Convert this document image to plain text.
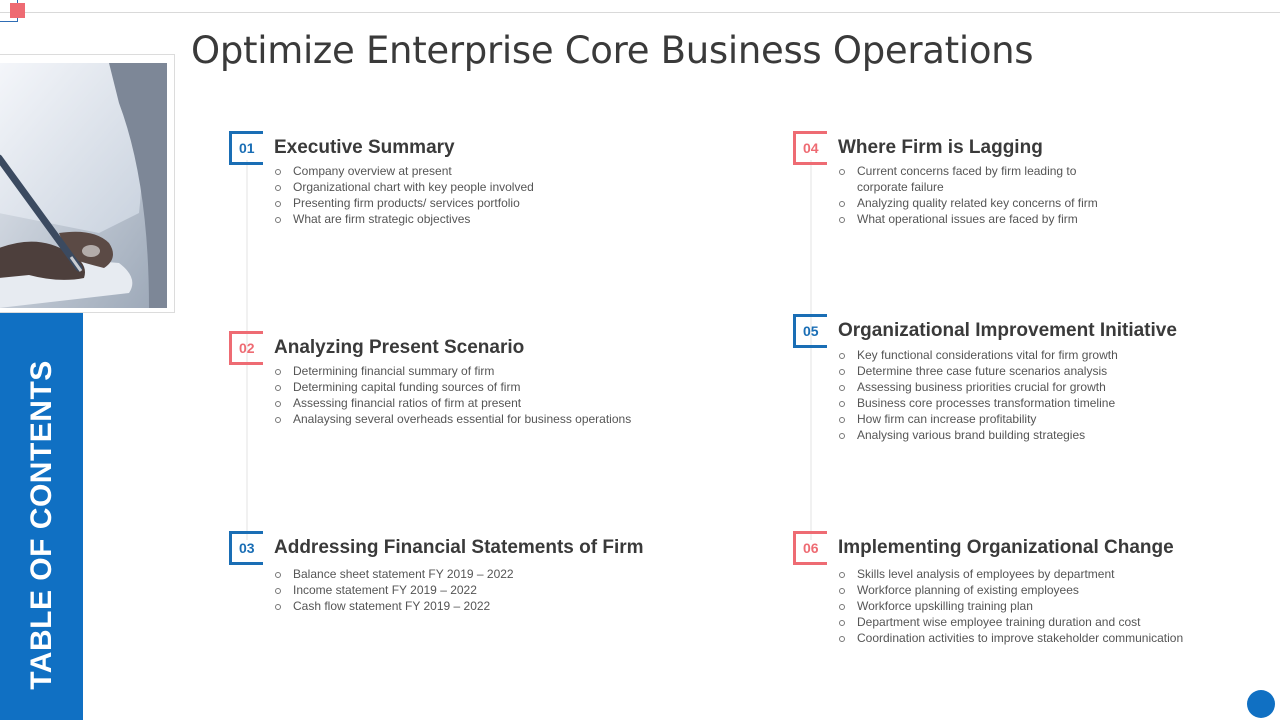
TABLE OF CONTENTS
Optimize Enterprise Core Business Operations
01	Executive Summary
Company overview at present
Organizational chart with key people involved
Presenting firm products/ services portfolio
What are firm strategic objectives
02	Analyzing Present Scenario
Determining financial summary of firm
Determining capital funding sources of firm
Assessing financial ratios of firm at present
Analaysing several overheads essential for business operations
03	Addressing Financial Statements of Firm
Balance sheet statement FY 2019 – 2022
Income statement FY 2019 – 2022
Cash flow statement FY 2019 – 2022
04	Where Firm is Lagging
Current concerns faced by firm leading to
corporate failure
Analyzing quality related key concerns of firm
What operational issues are faced by firm
05	Organizational Improvement Initiative
Key functional considerations vital for firm growth
Determine three case future scenarios analysis
Assessing business priorities crucial for growth
Business core processes transformation timeline
How firm can increase profitability
Analysing various brand building strategies
06	Implementing Organizational Change
Skills level analysis of employees by department
Workforce planning of existing employees
Workforce upskilling training plan
Department wise employee training duration and cost
Coordination activities to improve stakeholder communication
